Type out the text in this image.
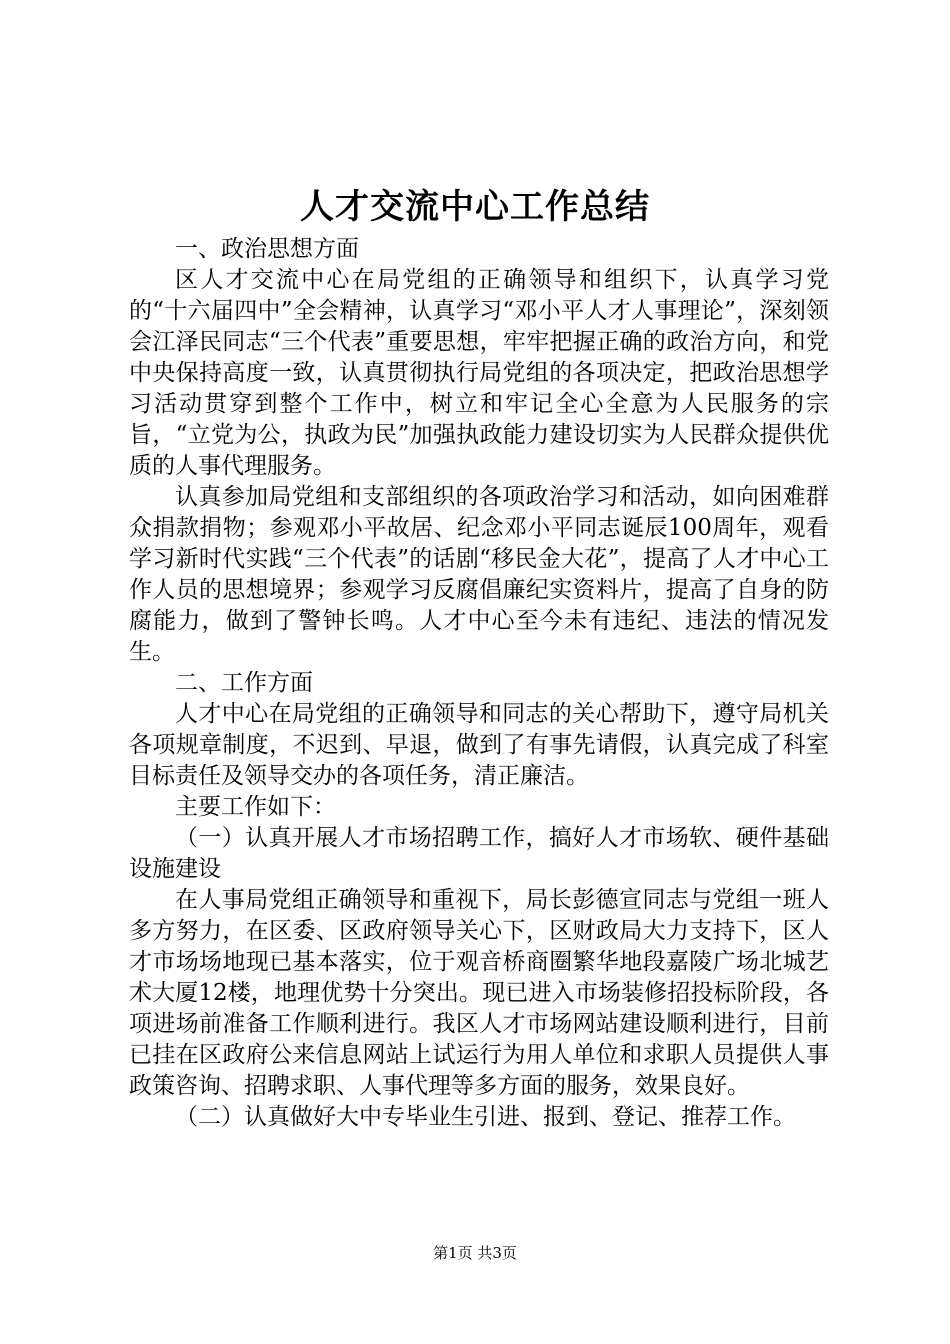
人才交流中心工作总结

一、政治思想方面

区人才交流中心在局党组的正确领导和组织下，认真学习党的“十六届四中”全会精神，认真学习“邓小平人才人事理论”，深刻领会江泽民同志“三个代表”重要思想，牢牢把握正确的政治方向，和党中央保持高度一致，认真贯彻执行局党组的各项决定，把政治思想学习活动贯穿到整个工作中，树立和牢记全心全意为人民服务的宗旨，“立党为公，执政为民”加强执政能力建设切实为人民群众提供优质的人事代理服务。

认真参加局党组和支部组织的各项政治学习和活动，如向困难群众捐款捐物；参观邓小平故居、纪念邓小平同志诞辰100周年，观看学习新时代实践“三个代表”的话剧“移民金大花”，提高了人才中心工作人员的思想境界；参观学习反腐倡廉纪实资料片，提高了自身的防腐能力，做到了警钟长鸣。人才中心至今未有违纪、违法的情况发生。

二、工作方面

人才中心在局党组的正确领导和同志的关心帮助下，遵守局机关各项规章制度，不迟到、早退，做到了有事先请假，认真完成了科室目标责任及领导交办的各项任务，清正廉洁。

主要工作如下：

（一）认真开展人才市场招聘工作，搞好人才市场软、硬件基础设施建设

在人事局党组正确领导和重视下，局长彭德宣同志与党组一班人多方努力，在区委、区政府领导关心下，区财政局大力支持下，区人才市场场地现已基本落实，位于观音桥商圈繁华地段嘉陵广场北城艺术大厦12楼，地理优势十分突出。现已进入市场装修招投标阶段，各项进场前准备工作顺利进行。我区人才市场网站建设顺利进行，目前已挂在区政府公来信息网站上试运行为用人单位和求职人员提供人事政策咨询、招聘求职、人事代理等多方面的服务，效果良好。

（二）认真做好大中专毕业生引进、报到、登记、推荐工作。

第1页 共3页
